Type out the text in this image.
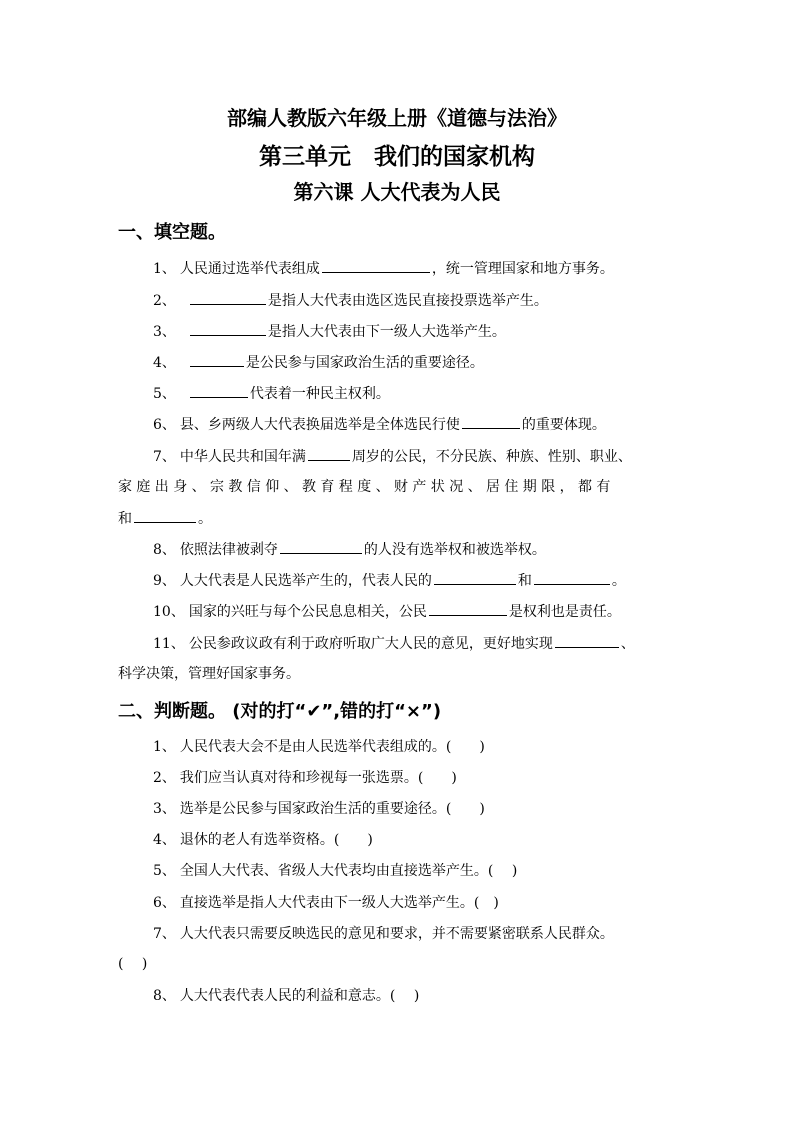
部编人教版六年级上册《道德与法治》
第三单元　我们的国家机构
第六课 人大代表为人民
一、填空题。
1、 人民通过选举代表组成	，统一管理国家和地方事务。
2、	是指人大代表由选区选民直接投票选举产生。
3、	是指人大代表由下一级人大选举产生。
4、	是公民参与国家政治生活的重要途径。
5、	代表着一种民主权利。
6、 县、乡两级人大代表换届选举是全体选民行使	的重要体现。
7、 中华人民共和国年满	周岁的公民，不分民族、种族、性别、职业、
家庭出身、宗教信仰、教育程度、财产状况、居住期限，都有
和	。
8、 依照法律被剥夺	的人没有选举权和被选举权。
9、 人大代表是人民选举产生的，代表人民的	和	。
10、 国家的兴旺与每个公民息息相关，公民	是权利也是责任。
11、 公民参政议政有利于政府听取广大人民的意见，更好地实现	、
科学决策，管理好国家事务。
二、判断题。 (对的打“✔”,错的打“×”)
1、 人民代表大会不是由人民选举代表组成的。(　　)
2、 我们应当认真对待和珍视每一张选票。(　　)
3、 选举是公民参与国家政治生活的重要途径。(　　)
4、 退休的老人有选举资格。(　　)
5、 全国人大代表、省级人大代表均由直接选举产生。(　 )
6、 直接选举是指人大代表由下一级人大选举产生。(　)
7、 人大代表只需要反映选民的意见和要求，并不需要紧密联系人民群众。
(　 )
8、 人大代表代表人民的利益和意志。(　 )
